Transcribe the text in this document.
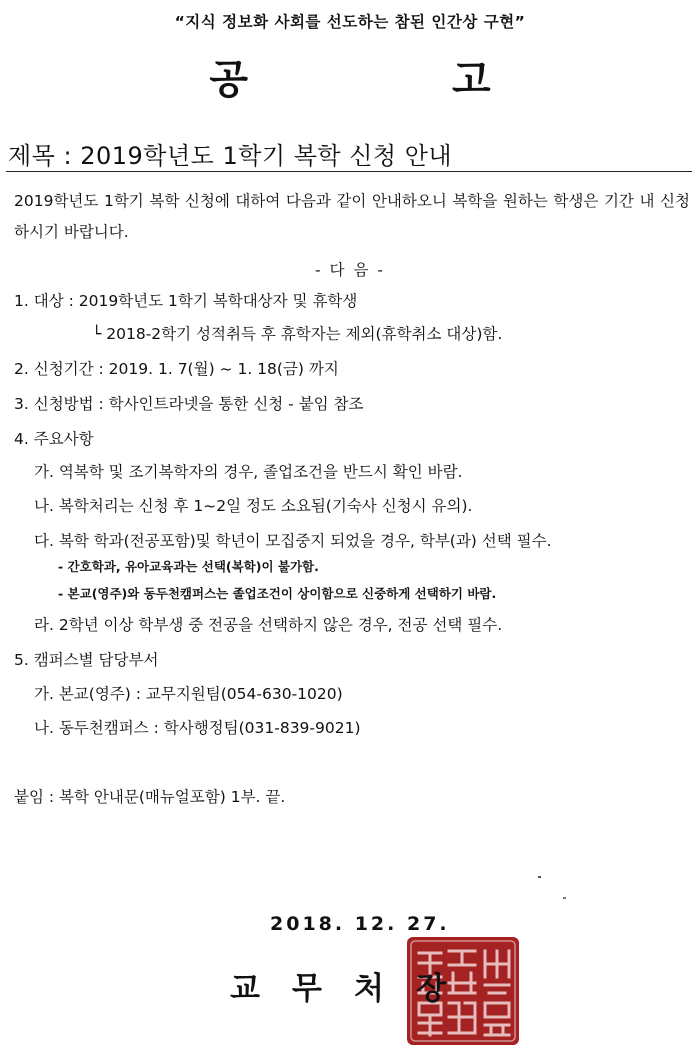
“지식 정보화 사회를 선도하는 참된 인간상 구현”
공 고
제목 : 2019학년도 1학기 복학 신청 안내
2019학년도 1학기 복학 신청에 대하여 다음과 같이 안내하오니 복학을 원하는 학생은 기간 내 신청하시기 바랍니다.
- 다 음 -
1. 대상 : 2019학년도 1학기 복학대상자 및 휴학생
└ 2018-2학기 성적취득 후 휴학자는 제외(휴학취소 대상)함.
2. 신청기간 : 2019. 1. 7(월) ~ 1. 18(금) 까지
3. 신청방법 : 학사인트라넷을 통한 신청 - 붙임 참조
4. 주요사항
가. 역복학 및 조기복학자의 경우, 졸업조건을 반드시 확인 바람.
나. 복학처리는 신청 후 1~2일 정도 소요됨(기숙사 신청시 유의).
다. 복학 학과(전공포함)및 학년이 모집중지 되었을 경우, 학부(과) 선택 필수.
- 간호학과, 유아교육과는 선택(복학)이 불가함.
- 본교(영주)와 동두천캠퍼스는 졸업조건이 상이함으로 신중하게 선택하기 바람.
라. 2학년 이상 학부생 중 전공을 선택하지 않은 경우, 전공 선택 필수.
5. 캠퍼스별 담당부서
가. 본교(영주) : 교무지원팀(054-630-1020)
나. 동두천캠퍼스 : 학사행정팀(031-839-9021)
붙임 : 복학 안내문(매뉴얼포함) 1부. 끝.
2018. 12. 27.
교 무 처 장
